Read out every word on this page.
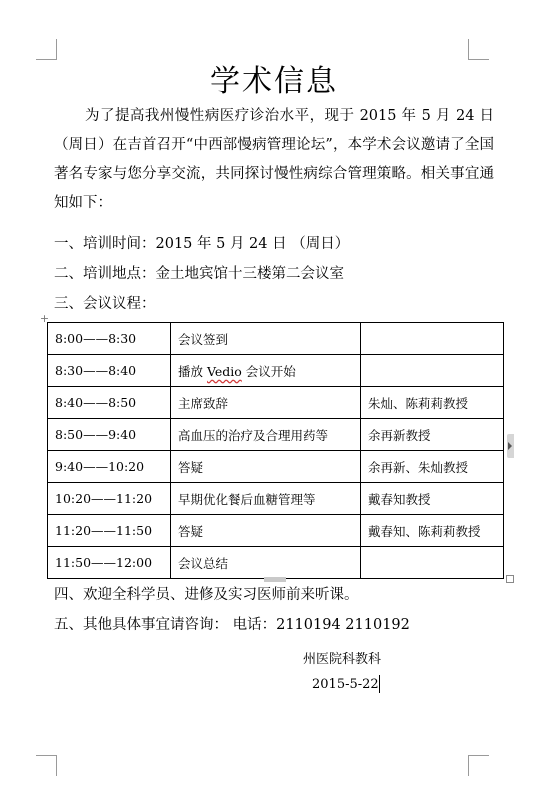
学术信息
为了提高我州慢性病医疗诊治水平，现于 2015 年 5 月 24 日（周日）在吉首召开“中西部慢病管理论坛”，本学术会议邀请了全国著名专家与您分享交流，共同探讨慢性病综合管理策略。相关事宜通知如下：
一、培训时间：2015 年 5 月 24 日 （周日）
二、培训地点：金土地宾馆十三楼第二会议室
三、会议议程：
+
8:00——8:30	会议签到	
8:30——8:40	播放 Vedio 会议开始	
8:40——8:50	主席致辞	朱灿、陈莉莉教授
8:50——9:40	高血压的治疗及合理用药等	余再新教授
9:40——10:20	答疑	余再新、朱灿教授
10:20——11:20	早期优化餐后血糖管理等	戴春知教授
11:20——11:50	答疑	戴春知、陈莉莉教授
11:50——12:00	会议总结	
四、欢迎全科学员、进修及实习医师前来听课。
五、其他具体事宜请咨询： 电话：2110194 2110192
州医院科教科
2015-5-22
